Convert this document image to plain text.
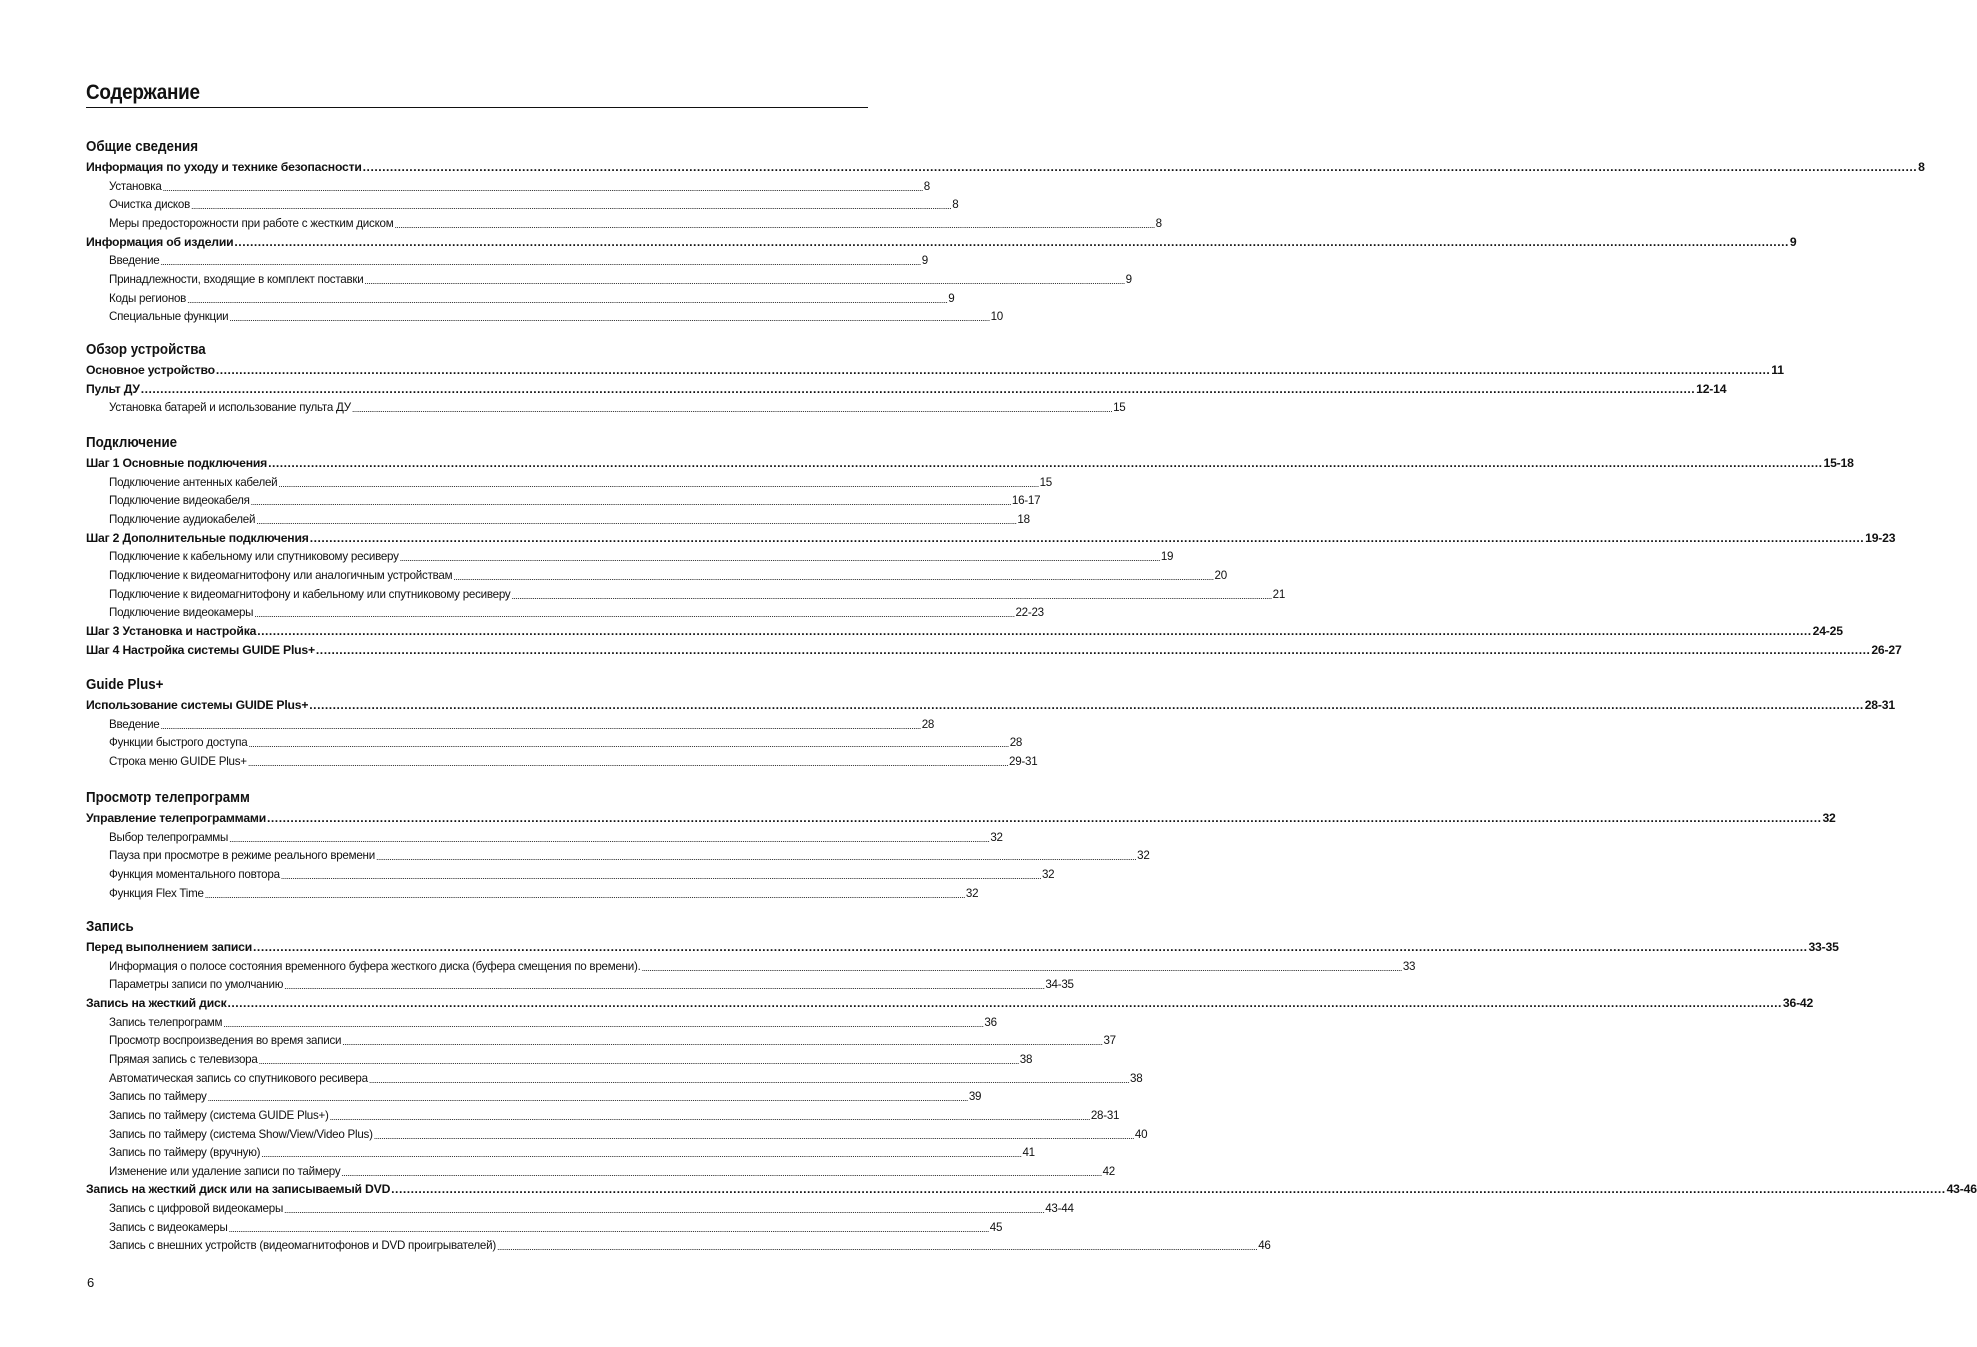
Содержание
Общие сведения
Информация по уходу и технике безопасности ................................................................................................................................................................................................................................................................................................................................................................................................................ 8
Установка ................................................................................................................................................................................................................................................................................................................................................................................................................ 8
Очистка дисков ................................................................................................................................................................................................................................................................................................................................................................................................................ 8
Меры предосторожности при работе с жестким диском ................................................................................................................................................................................................................................................................................................................................................................................................................ 8
Информация об изделии ................................................................................................................................................................................................................................................................................................................................................................................................................ 9
Введение ................................................................................................................................................................................................................................................................................................................................................................................................................ 9
Принадлежности, входящие в комплект поставки ................................................................................................................................................................................................................................................................................................................................................................................................................ 9
Коды регионов ................................................................................................................................................................................................................................................................................................................................................................................................................ 9
Специальные функции ................................................................................................................................................................................................................................................................................................................................................................................................................ 10
Обзор устройства
Основное устройство ................................................................................................................................................................................................................................................................................................................................................................................................................ 11
Пульт ДУ ................................................................................................................................................................................................................................................................................................................................................................................................................ 12-14
Установка батарей и использование пульта ДУ ................................................................................................................................................................................................................................................................................................................................................................................................................ 15
Подключение
Шаг 1 Основные подключения ................................................................................................................................................................................................................................................................................................................................................................................................................ 15-18
Подключение антенных кабелей ................................................................................................................................................................................................................................................................................................................................................................................................................ 15
Подключение видеокабеля ................................................................................................................................................................................................................................................................................................................................................................................................................ 16-17
Подключение аудиокабелей ................................................................................................................................................................................................................................................................................................................................................................................................................ 18
Шаг 2 Дополнительные подключения ................................................................................................................................................................................................................................................................................................................................................................................................................ 19-23
Подключение к кабельному или спутниковому ресиверу ................................................................................................................................................................................................................................................................................................................................................................................................................ 19
Подключение к видеомагнитофону или аналогичным устройствам ................................................................................................................................................................................................................................................................................................................................................................................................................ 20
Подключение к видеомагнитофону и кабельному или спутниковому ресиверу ................................................................................................................................................................................................................................................................................................................................................................................................................ 21
Подключение видеокамеры ................................................................................................................................................................................................................................................................................................................................................................................................................ 22-23
Шаг 3 Установка и настройка ................................................................................................................................................................................................................................................................................................................................................................................................................ 24-25
Шаг 4 Настройка системы GUIDE Plus+ ................................................................................................................................................................................................................................................................................................................................................................................................................ 26-27
Guide Plus+
Использование системы GUIDE Plus+ ................................................................................................................................................................................................................................................................................................................................................................................................................ 28-31
Введение ................................................................................................................................................................................................................................................................................................................................................................................................................ 28
Функции быстрого доступа ................................................................................................................................................................................................................................................................................................................................................................................................................ 28
Строка меню GUIDE Plus+ ................................................................................................................................................................................................................................................................................................................................................................................................................ 29-31
Просмотр телепрограмм
Управление телепрограммами ................................................................................................................................................................................................................................................................................................................................................................................................................ 32
Выбор телепрограммы ................................................................................................................................................................................................................................................................................................................................................................................................................ 32
Пауза при просмотре в режиме реального времени ................................................................................................................................................................................................................................................................................................................................................................................................................ 32
Функция моментального повтора ................................................................................................................................................................................................................................................................................................................................................................................................................ 32
Функция Flex Time ................................................................................................................................................................................................................................................................................................................................................................................................................ 32
Запись
Перед выполнением записи ................................................................................................................................................................................................................................................................................................................................................................................................................ 33-35
Информация о полосе состояния временного буфера жесткого диска (буфера смещения по времени). ................................................................................................................................................................................................................................................................................................................................................................................................................ 33
Параметры записи по умолчанию ................................................................................................................................................................................................................................................................................................................................................................................................................ 34-35
Запись на жесткий диск ................................................................................................................................................................................................................................................................................................................................................................................................................ 36-42
Запись телепрограмм ................................................................................................................................................................................................................................................................................................................................................................................................................ 36
Просмотр воспроизведения во время записи ................................................................................................................................................................................................................................................................................................................................................................................................................ 37
Прямая запись с телевизора ................................................................................................................................................................................................................................................................................................................................................................................................................ 38
Автоматическая запись со спутникового ресивера ................................................................................................................................................................................................................................................................................................................................................................................................................ 38
Запись по таймеру ................................................................................................................................................................................................................................................................................................................................................................................................................ 39
Запись по таймеру (система GUIDE Plus+) ................................................................................................................................................................................................................................................................................................................................................................................................................ 28-31
Запись по таймеру (система Show/View/Video Plus) ................................................................................................................................................................................................................................................................................................................................................................................................................ 40
Запись по таймеру (вручную) ................................................................................................................................................................................................................................................................................................................................................................................................................ 41
Изменение или удаление записи по таймеру ................................................................................................................................................................................................................................................................................................................................................................................................................ 42
Запись на жесткий диск или на записываемый DVD ................................................................................................................................................................................................................................................................................................................................................................................................................ 43-46
Запись с цифровой видеокамеры ................................................................................................................................................................................................................................................................................................................................................................................................................ 43-44
Запись с видеокамеры ................................................................................................................................................................................................................................................................................................................................................................................................................ 45
Запись с внешних устройств (видеомагнитофонов и DVD проигрывателей) ................................................................................................................................................................................................................................................................................................................................................................................................................ 46
6
